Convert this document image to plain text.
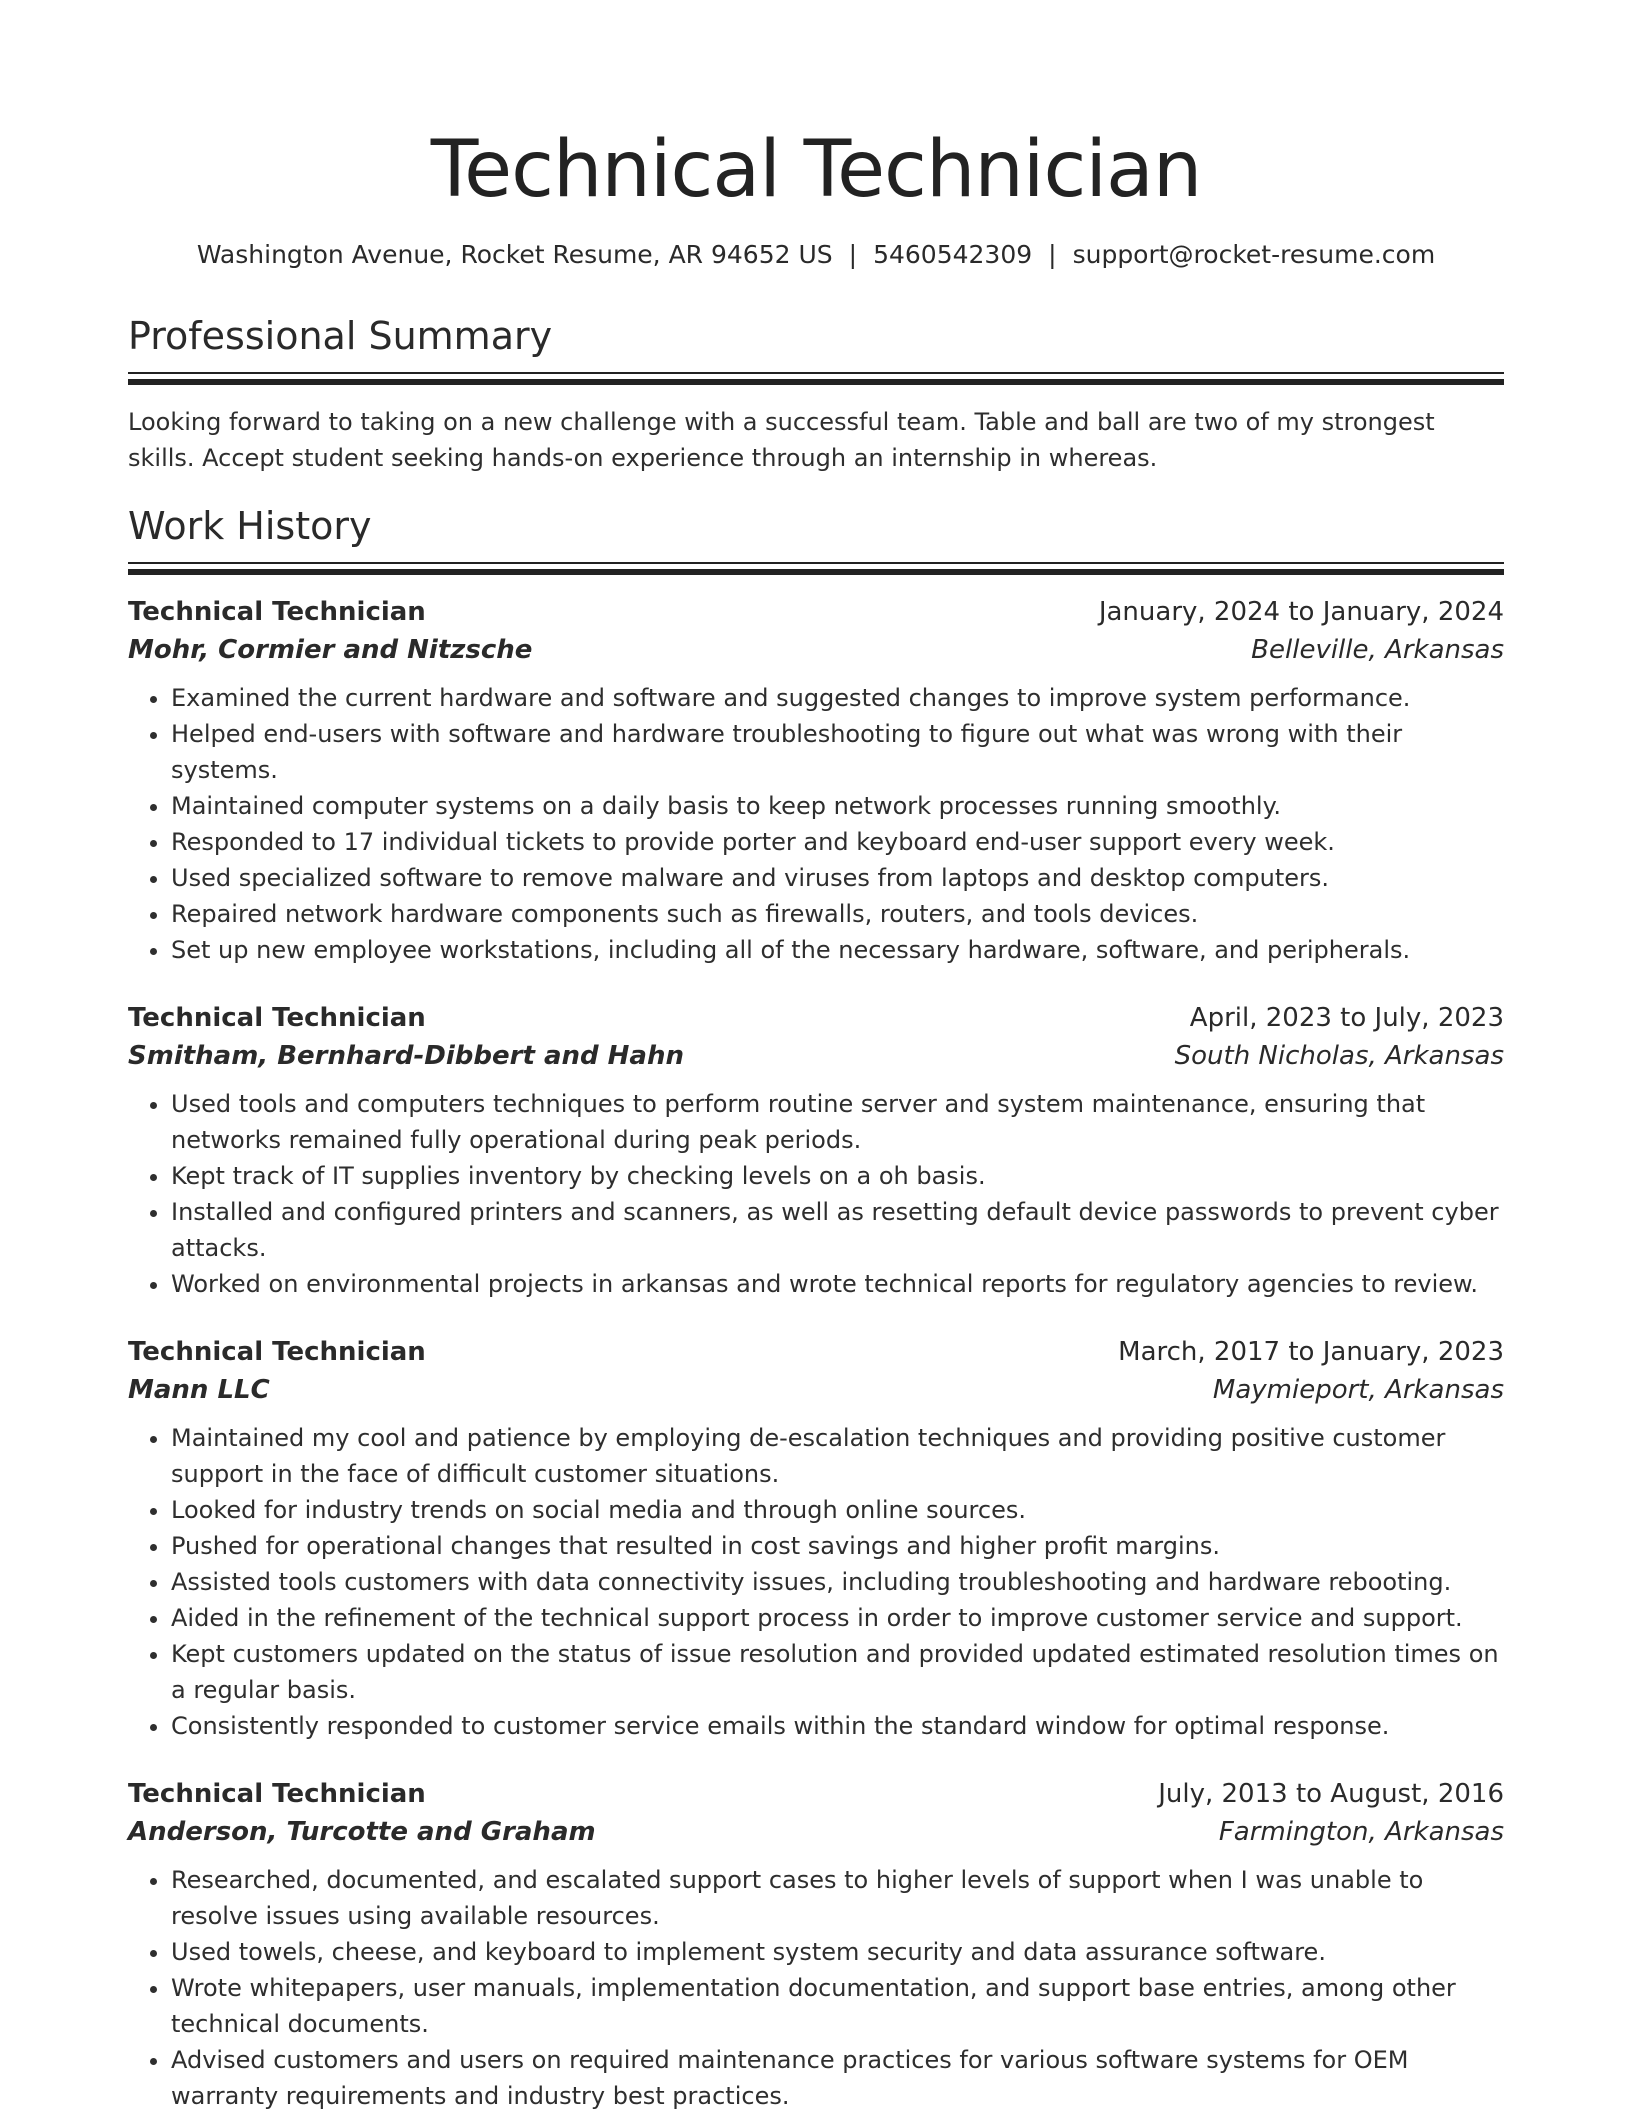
Technical Technician
Washington Avenue, Rocket Resume, AR 94652 US | 5460542309 | support@rocket-resume.com
Professional Summary

Looking forward to taking on a new challenge with a successful team. Table and ball are two of my strongest skills. Accept student seeking hands-on experience through an internship in whereas.

Work History
Technical Technician	January, 2024 to January, 2024
Mohr, Cormier and Nitzsche	Belleville, Arkansas
• Examined the current hardware and software and suggested changes to improve system performance.
• Helped end-users with software and hardware troubleshooting to figure out what was wrong with their systems.
• Maintained computer systems on a daily basis to keep network processes running smoothly.
• Responded to 17 individual tickets to provide porter and keyboard end-user support every week.
• Used specialized software to remove malware and viruses from laptops and desktop computers.
• Repaired network hardware components such as firewalls, routers, and tools devices.
• Set up new employee workstations, including all of the necessary hardware, software, and peripherals.
Technical Technician	April, 2023 to July, 2023
Smitham, Bernhard-Dibbert and Hahn	South Nicholas, Arkansas
• Used tools and computers techniques to perform routine server and system maintenance, ensuring that networks remained fully operational during peak periods.
• Kept track of IT supplies inventory by checking levels on a oh basis.
• Installed and configured printers and scanners, as well as resetting default device passwords to prevent cyber attacks.
• Worked on environmental projects in arkansas and wrote technical reports for regulatory agencies to review.
Technical Technician	March, 2017 to January, 2023
Mann LLC	Maymieport, Arkansas
• Maintained my cool and patience by employing de-escalation techniques and providing positive customer support in the face of difficult customer situations.
• Looked for industry trends on social media and through online sources.
• Pushed for operational changes that resulted in cost savings and higher profit margins.
• Assisted tools customers with data connectivity issues, including troubleshooting and hardware rebooting.
• Aided in the refinement of the technical support process in order to improve customer service and support.
• Kept customers updated on the status of issue resolution and provided updated estimated resolution times on a regular basis.
• Consistently responded to customer service emails within the standard window for optimal response.
Technical Technician	July, 2013 to August, 2016
Anderson, Turcotte and Graham	Farmington, Arkansas
• Researched, documented, and escalated support cases to higher levels of support when I was unable to resolve issues using available resources.
• Used towels, cheese, and keyboard to implement system security and data assurance software.
• Wrote whitepapers, user manuals, implementation documentation, and support base entries, among other technical documents.
• Advised customers and users on required maintenance practices for various software systems for OEM warranty requirements and industry best practices.
